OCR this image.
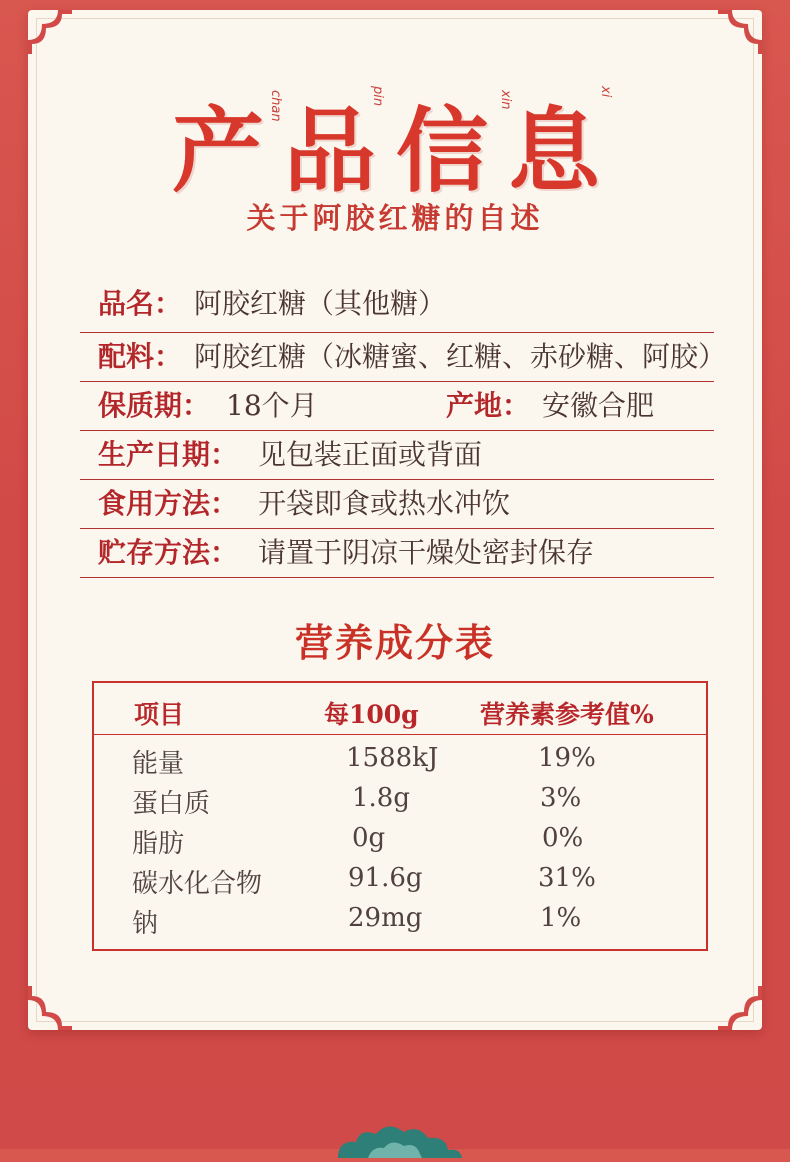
产 品 信 息
chan	pin	xin	xi
关于阿胶红糖的自述
品名： 阿胶红糖（其他糖）
配料： 阿胶红糖（冰糖蜜、红糖、赤砂糖、阿胶）
保质期： 18个月	产地： 安徽合肥
生产日期： 见包装正面或背面
食用方法： 开袋即食或热水冲饮
贮存方法： 请置于阴凉干燥处密封保存
营养成分表
项目	每100g 营养素参考值%
能量	1588kJ	19%
蛋白质	1.8g	3%
脂肪	0g	0%
碳水化合物	91.6g	31%
钠	29mg	1%
